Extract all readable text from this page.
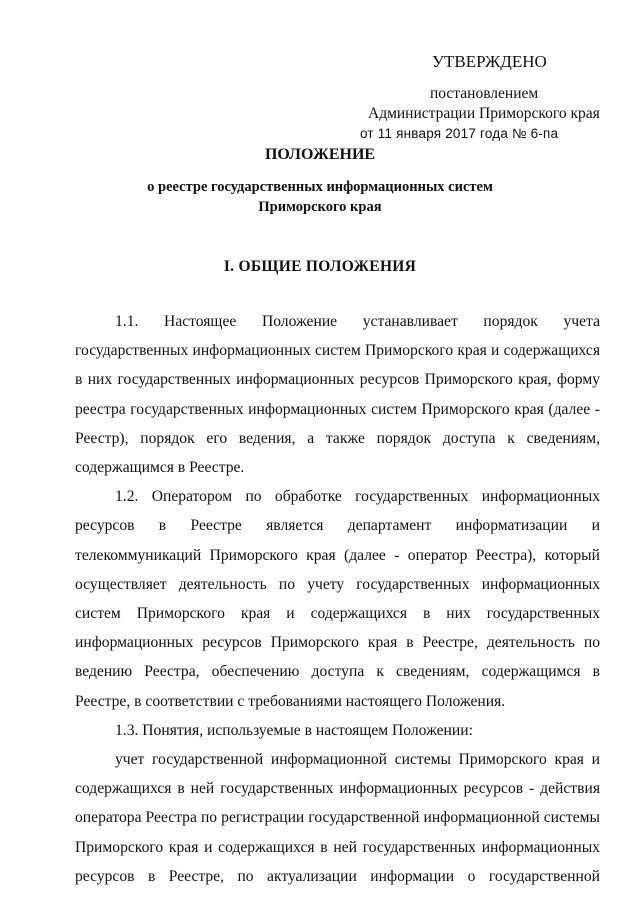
УТВЕРЖДЕНО
постановлением
Администрации Приморского края
от 11 января 2017 года № 6-па
ПОЛОЖЕНИЕ
о реестре государственных информационных систем
Приморского края
I. ОБЩИЕ ПОЛОЖЕНИЯ

1.1. Настоящее Положение устанавливает порядок учета государственных информационных систем Приморского края и содержащихся в них государственных информационных ресурсов Приморского края, форму реестра государственных информационных систем Приморского края (далее - Реестр), порядок его ведения, а также порядок доступа к сведениям, содержащимся в Реестре.

1.2. Оператором по обработке государственных информационных ресурсов в Реестре является департамент информатизации и телекоммуникаций Приморского края (далее - оператор Реестра), который осуществляет деятельность по учету государственных информационных систем Приморского края и содержащихся в них государственных информационных ресурсов Приморского края в Реестре, деятельность по ведению Реестра, обеспечению доступа к сведениям, содержащимся в Реестре, в соответствии с требованиями настоящего Положения.

1.3. Понятия, используемые в настоящем Положении:

учет государственной информационной системы Приморского края и содержащихся в ней государственных информационных ресурсов - действия оператора Реестра по регистрации государственной информационной системы Приморского края и содержащихся в ней государственных информационных ресурсов в Реестре, по актуализации информации о государственной
